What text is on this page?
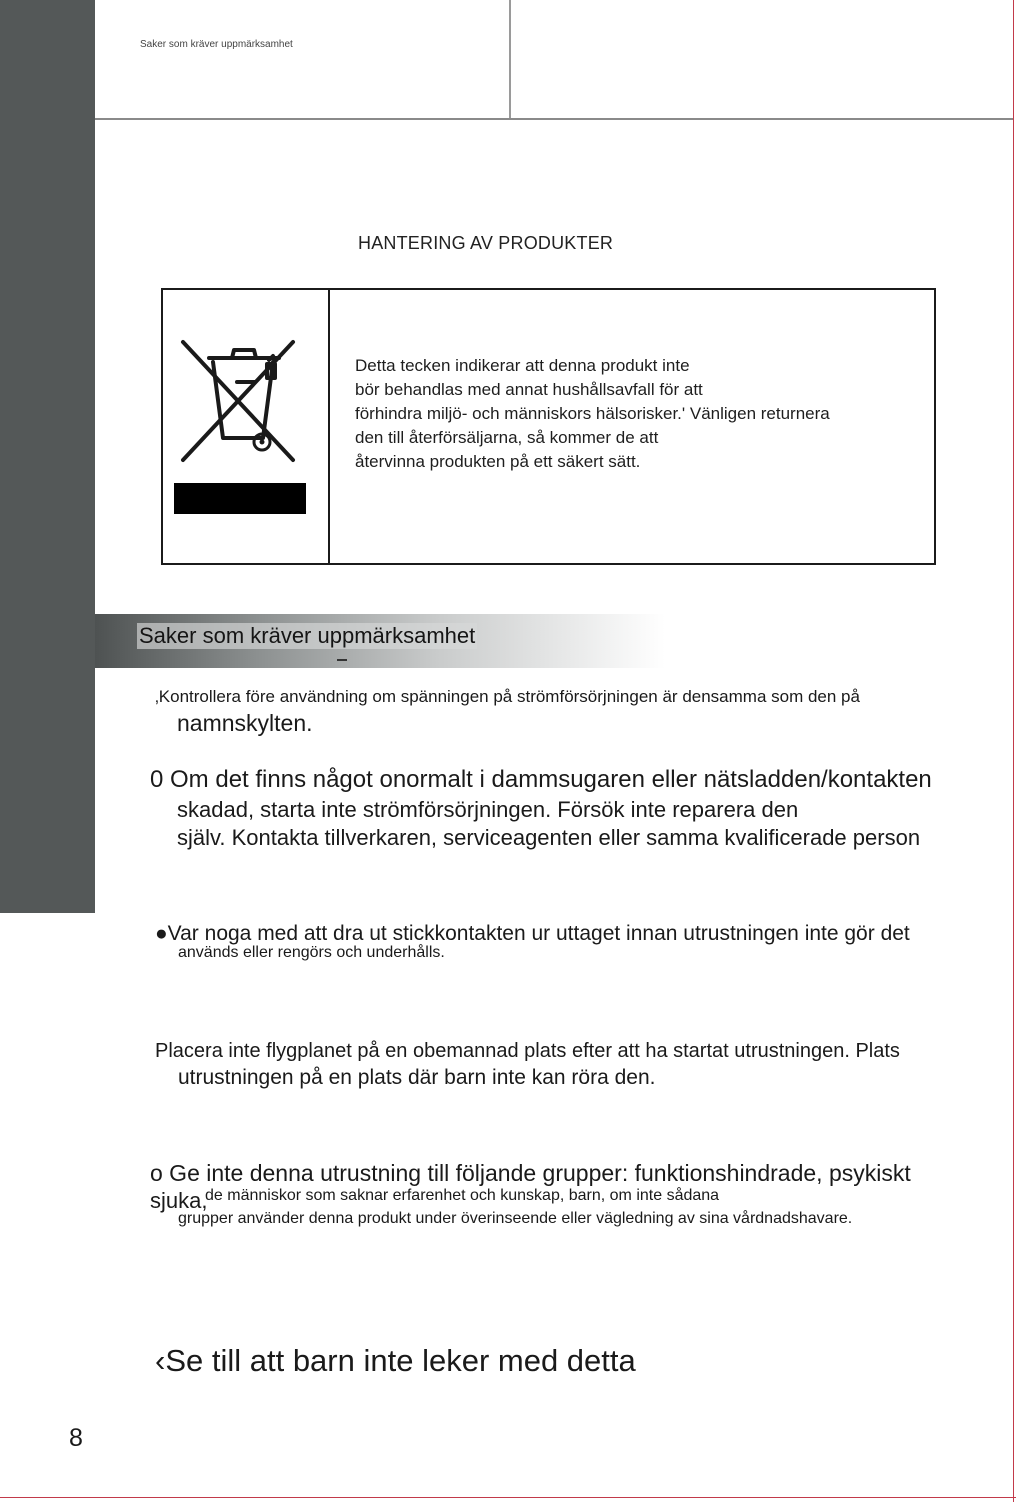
Saker som kräver uppmärksamhet
HANTERING AV PRODUKTER
Detta tecken indikerar att denna produkt inte
bör behandlas med annat hushållsavfall för att
förhindra miljö- och människors hälsorisker.' Vänligen returnera
den till återförsäljarna, så kommer de att
återvinna produkten på ett säkert sätt.
Saker som kräver uppmärksamhet
‚Kontrollera före användning om spänningen på strömförsörjningen är densamma som den på
namnskylten.
0 Om det finns något onormalt i dammsugaren eller nätsladden/kontakten
skadad, starta inte strömförsörjningen. Försök inte reparera den
själv. Kontakta tillverkaren, serviceagenten eller samma kvalificerade person
●Var noga med att dra ut stickkontakten ur uttaget innan utrustningen inte gör det
används eller rengörs och underhålls.
Placera inte flygplanet på en obemannad plats efter att ha startat utrustningen. Plats
utrustningen på en plats där barn inte kan röra den.
o Ge inte denna utrustning till följande grupper: funktionshindrade, psykiskt
sjuka,
de människor som saknar erfarenhet och kunskap, barn, om inte sådana
grupper använder denna produkt under överinseende eller vägledning av sina vårdnadshavare.
‹Se till att barn inte leker med detta
8
